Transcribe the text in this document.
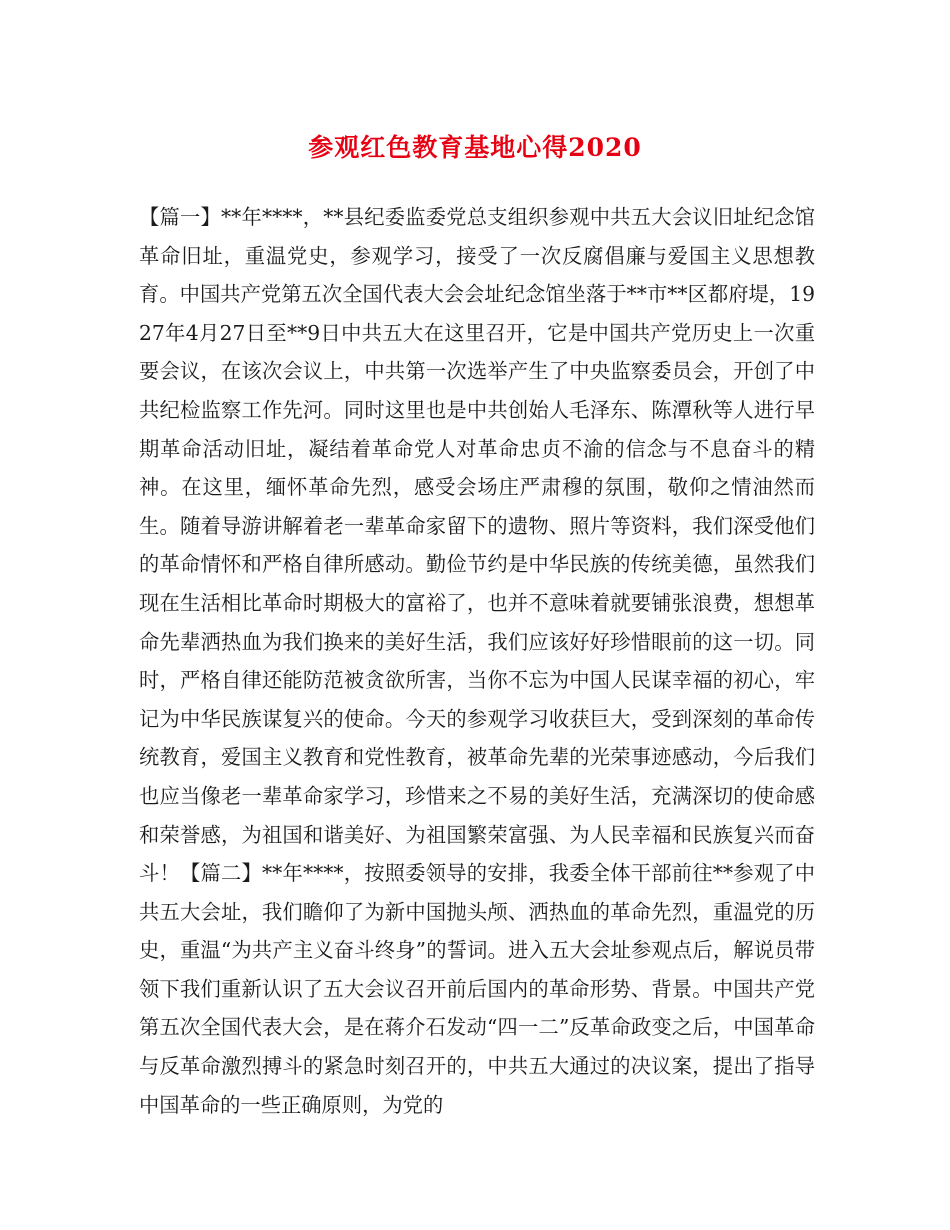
参观红色教育基地心得2020

【篇一】**年****，**县纪委监委党总支组织参观中共五大会议旧址纪念馆革命旧址，重温党史，参观学习，接受了一次反腐倡廉与爱国主义思想教育。中国共产党第五次全国代表大会会址纪念馆坐落于**市**区都府堤，1927年4月27日至**9日中共五大在这里召开，它是中国共产党历史上一次重要会议，在该次会议上，中共第一次选举产生了中央监察委员会，开创了中共纪检监察工作先河。同时这里也是中共创始人毛泽东、陈潭秋等人进行早期革命活动旧址，凝结着革命党人对革命忠贞不渝的信念与不息奋斗的精神。在这里，缅怀革命先烈，感受会场庄严肃穆的氛围，敬仰之情油然而生。随着导游讲解着老一辈革命家留下的遗物、照片等资料，我们深受他们的革命情怀和严格自律所感动。勤俭节约是中华民族的传统美德，虽然我们现在生活相比革命时期极大的富裕了，也并不意味着就要铺张浪费，想想革命先辈洒热血为我们换来的美好生活，我们应该好好珍惜眼前的这一切。同时，严格自律还能防范被贪欲所害，当你不忘为中国人民谋幸福的初心，牢记为中华民族谋复兴的使命。今天的参观学习收获巨大，受到深刻的革命传统教育，爱国主义教育和党性教育，被革命先辈的光荣事迹感动，今后我们也应当像老一辈革命家学习，珍惜来之不易的美好生活，充满深切的使命感和荣誉感，为祖国和谐美好、为祖国繁荣富强、为人民幸福和民族复兴而奋斗！【篇二】**年****，按照委领导的安排，我委全体干部前往**参观了中共五大会址，我们瞻仰了为新中国抛头颅、洒热血的革命先烈，重温党的历史，重温“为共产主义奋斗终身”的誓词。进入五大会址参观点后，解说员带领下我们重新认识了五大会议召开前后国内的革命形势、背景。中国共产党第五次全国代表大会，是在蒋介石发动“四一二”反革命政变之后，中国革命与反革命激烈搏斗的紧急时刻召开的，中共五大通过的决议案，提出了指导中国革命的一些正确原则，为党的
